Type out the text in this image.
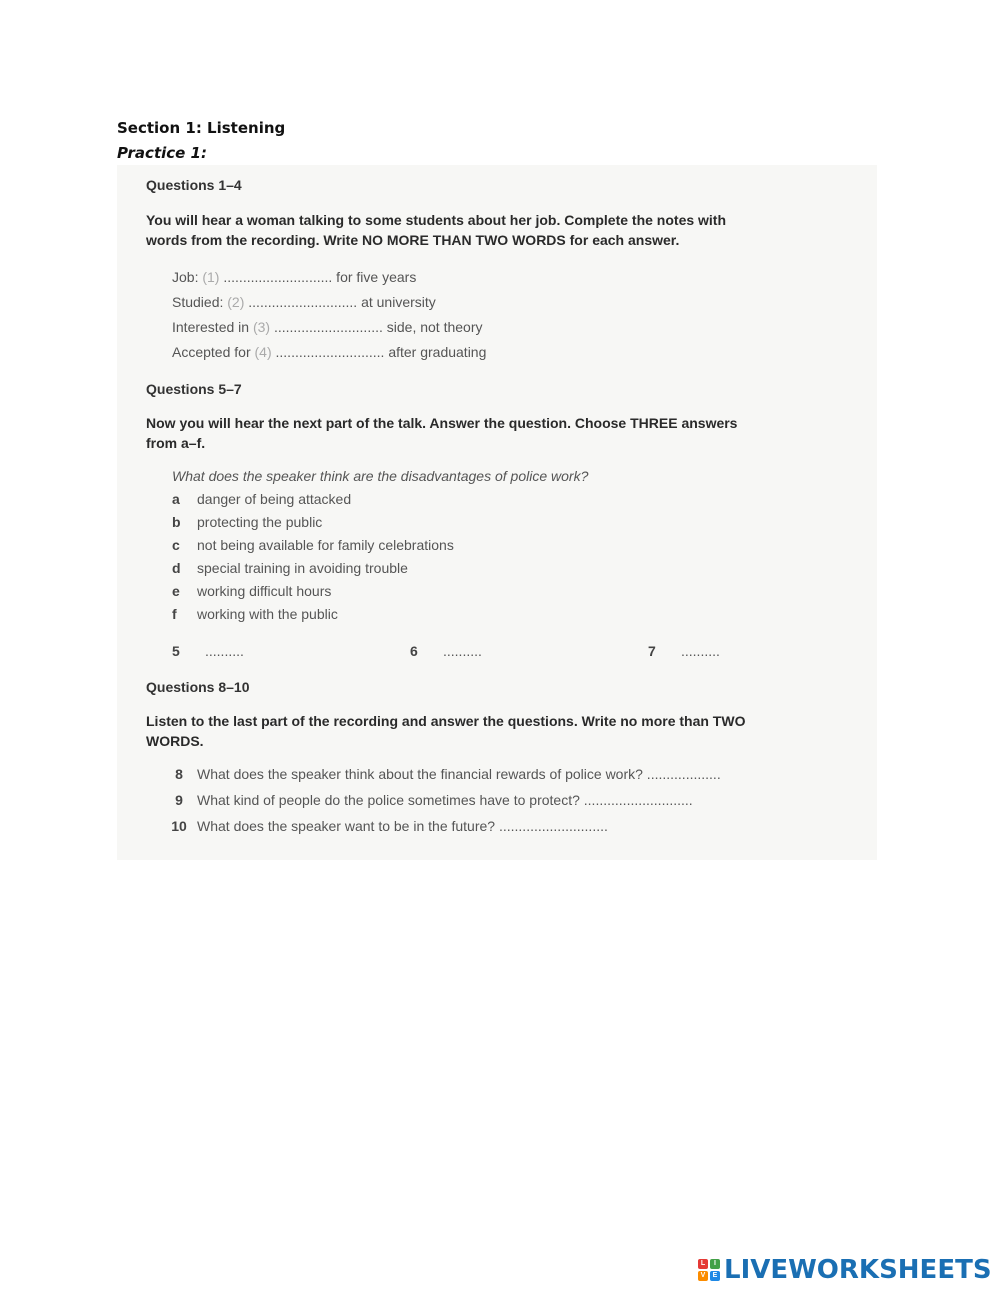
Section 1: Listening
Practice 1:
Questions 1–4
You will hear a woman talking to some students about her job. Complete the notes with
words from the recording. Write NO MORE THAN TWO WORDS for each answer.
Job: (1) ............................ for five years
Studied: (2) ............................ at university
Interested in (3) ............................ side, not theory
Accepted for (4) ............................ after graduating
Questions 5–7
Now you will hear the next part of the talk. Answer the question. Choose THREE answers
from a–f.
What does the speaker think are the disadvantages of police work?
a danger of being attacked
b protecting the public
c not being available for family celebrations
d special training in avoiding trouble
e working difficult hours
f working with the public
5 ..........	6 ..........	7 ..........
Questions 8–10
Listen to the last part of the recording and answer the questions. Write no more than TWO
WORDS.
8 What does the speaker think about the financial rewards of police work? ...................
9 What kind of people do the police sometimes have to protect? ............................
10 What does the speaker want to be in the future? ............................
L	I
V	E LIVEWORKSHEETS
